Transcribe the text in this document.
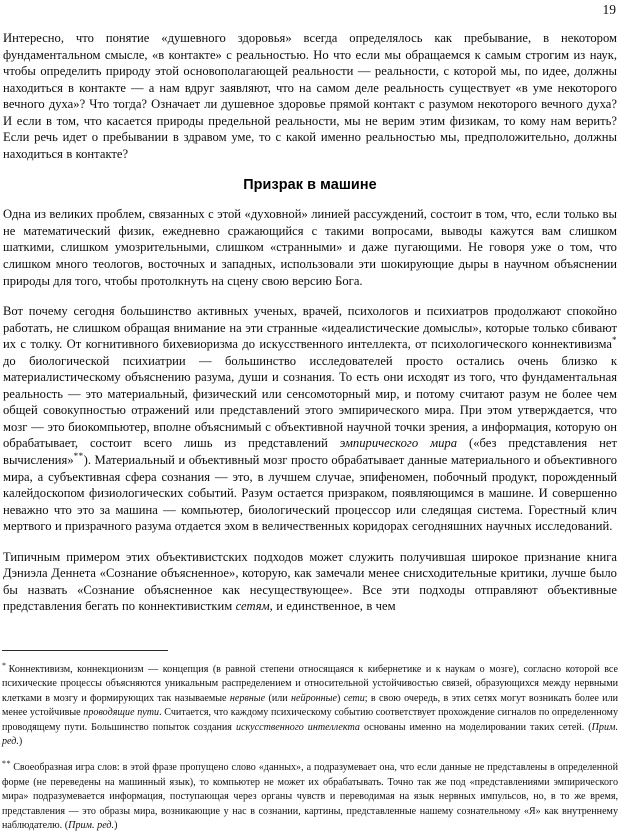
19

Интересно, что понятие «душевного здоровья» всегда определялось как пребывание, в некотором фундаментальном смысле, «в контакте» с реальностью. Но что если мы обращаемся к самым строгим из наук, чтобы определить природу этой основополагающей реальности — реальности, с которой мы, по идее, должны находиться в контакте — а нам вдруг заявляют, что на самом деле реальность существует «в уме некоторого вечного духа»? Что тогда? Означает ли душевное здоровье прямой контакт с разумом некоторого вечного духа? И если в том, что касается природы предельной реальности, мы не верим этим физикам, то кому нам верить? Если речь идет о пребывании в здравом уме, то с какой именно реальностью мы, предположительно, должны находиться в контакте?

Призрак в машине

Одна из великих проблем, связанных с этой «духовной» линией рассуждений, состоит в том, что, если только вы не математический физик, ежедневно сражающийся с такими вопросами, выводы кажутся вам слишком шаткими, слишком умозрительными, слишком «странными» и даже пугающими. Не говоря уже о том, что слишком много теологов, восточных и западных, использовали эти шокирующие дыры в научном объяснении природы для того, чтобы протолкнуть на сцену свою версию Бога.

Вот почему сегодня большинство активных ученых, врачей, психологов и психиатров продолжают спокойно работать, не слишком обращая внимание на эти странные «идеалистические домыслы», которые только сбивают их с толку. От когнитивного бихевиоризма до искусственного интеллекта, от психологического коннективизма* до биологической психиатрии — большинство исследователей просто остались очень близко к материалистическому объяснению разума, души и сознания. То есть они исходят из того, что фундаментальная реальность — это материальный, физический или сенсомоторный мир, и потому считают разум не более чем общей совокупностью отражений или представлений этого эмпирического мира. При этом утверждается, что мозг — это биокомпьютер, вполне объяснимый с объективной научной точки зрения, а информация, которую он обрабатывает, состоит всего лишь из представлений эмпирического мира («без представления нет вычисления»**). Материальный и объективный мозг просто обрабатывает данные материального и объективного мира, а субъективная сфера сознания — это, в лучшем случае, эпифеномен, побочный продукт, порожденный калейдоскопом физиологических событий. Разум остается призраком, появляющимся в машине. И совершенно неважно что это за машина — компьютер, биологический процессор или следящая система. Горестный клич мертвого и призрачного разума отдается эхом в величественных коридорах сегодняшних научных исследований.

Типичным примером этих объективистских подходов может служить получившая широкое признание книга Дэниэла Деннета «Сознание объясненное», которую, как замечали менее снисходительные критики, лучше было бы назвать «Сознание объясненное как несуществующее». Все эти подходы отправляют объективные представления бегать по коннективистким сетям, и единственное, в чем

* Коннективизм, коннекционизм — концепция (в равной степени относящаяся к кибернетике и к наукам о мозге), согласно которой все психические процессы объясняются уникальным распределением и относительной устойчивостью связей, образующихся между нервными клетками в мозгу и формирующих так называемые нервные (или нейронные) сети; в свою очередь, в этих сетях могут возникать более или менее устойчивые проводящие пути. Считается, что каждому психическому событию соответствует прохождение сигналов по определенному проводящему пути. Большинство попыток создания искусственного интеллекта основаны именно на моделировании таких сетей. (Прим. ред.)

** Своеобразная игра слов: в этой фразе пропущено слово «данных», а подразумевает она, что если данные не представлены в определенной форме (не переведены на машинный язык), то компьютер не может их обрабатывать. Точно так же под «представлениями эмпирического мира» подразумевается информация, поступающая через органы чувств и переводимая на язык нервных импульсов, но, в то же время, представления — это образы мира, возникающие у нас в сознании, картины, представленные нашему сознательному «Я» как внутреннему наблюдателю. (Прим. ред.)
